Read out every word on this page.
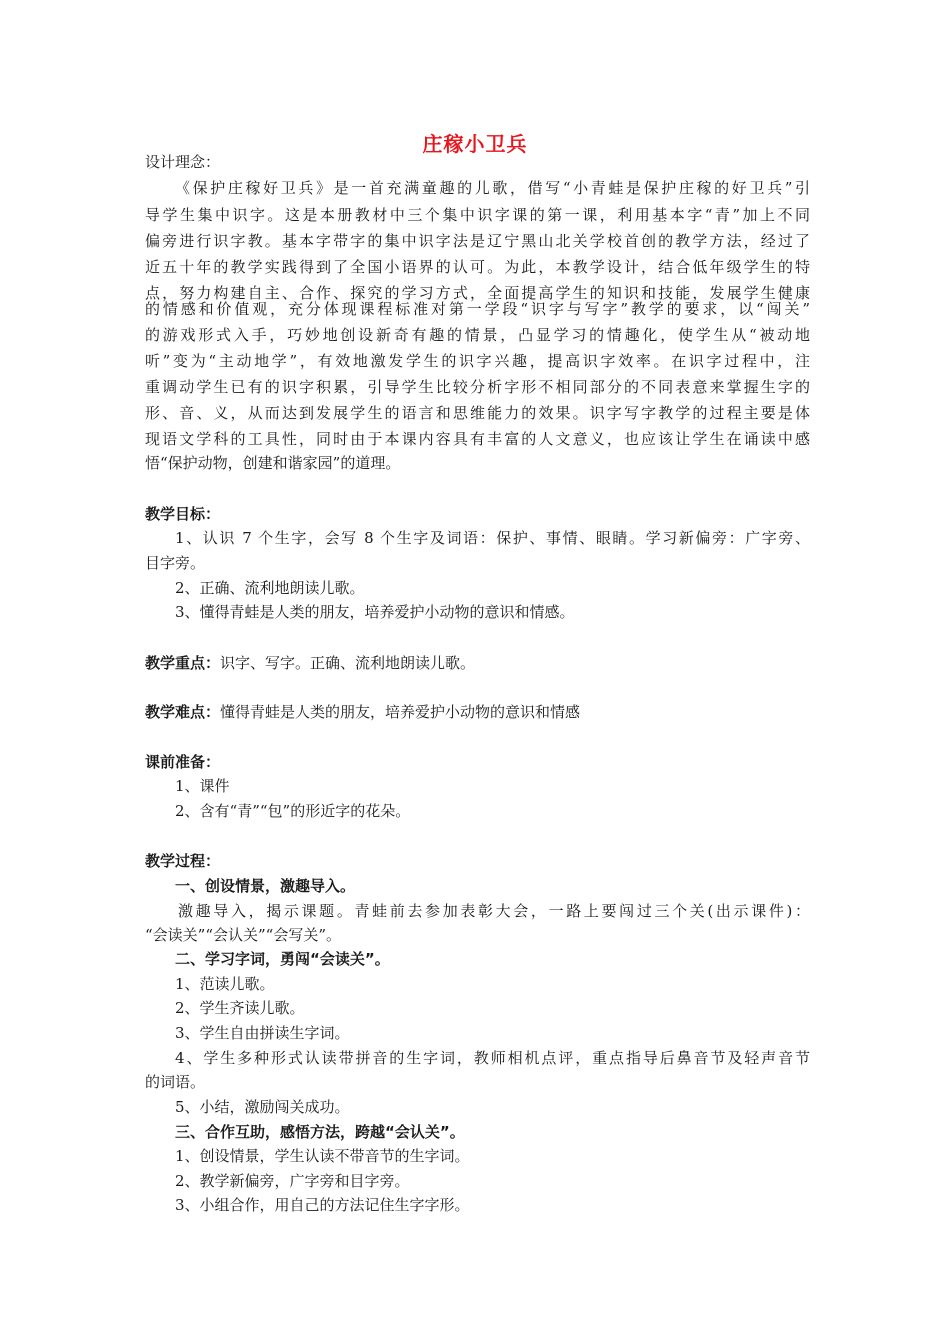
庄稼小卫兵
设计理念：
《保护庄稼好卫兵》是一首充满童趣的儿歌，借写“小青蛙是保护庄稼的好卫兵”引
导学生集中识字。这是本册教材中三个集中识字课的第一课，利用基本字“青”加上不同
偏旁进行识字教。基本字带字的集中识字法是辽宁黑山北关学校首创的教学方法，经过了
近五十年的教学实践得到了全国小语界的认可。为此，本教学设计，结合低年级学生的特
点，努力构建自主、合作、探究的学习方式，全面提高学生的知识和技能，发展学生健康
的情感和价值观，充分体现课程标准对第一学段“识字与写字”教学的要求，以“闯关”
的游戏形式入手，巧妙地创设新奇有趣的情景，凸显学习的情趣化，使学生从“被动地
听”变为“主动地学”，有效地激发学生的识字兴趣，提高识字效率。在识字过程中，注
重调动学生已有的识字积累，引导学生比较分析字形不相同部分的不同表意来掌握生字的
形、音、义，从而达到发展学生的语言和思维能力的效果。识字写字教学的过程主要是体
现语文学科的工具性，同时由于本课内容具有丰富的人文意义，也应该让学生在诵读中感
悟“保护动物，创建和谐家园”的道理。
教学目标：
1、认识 7 个生字，会写 8 个生字及词语：保护、事情、眼睛。学习新偏旁：广字旁、
目字旁。
2、正确、流利地朗读儿歌。
3、懂得青蛙是人类的朋友，培养爱护小动物的意识和情感。
教学重点：识字、写字。正确、流利地朗读儿歌。
教学难点：懂得青蛙是人类的朋友，培养爱护小动物的意识和情感
课前准备：
1、课件
2、含有“青”“包”的形近字的花朵。
教学过程：
一、创设情景，激趣导入。
激趣导入，揭示课题。青蛙前去参加表彰大会，一路上要闯过三个关(出示课件)：
“会读关”“会认关”“会写关”。
二、学习字词，勇闯“会读关”。
1、范读儿歌。
2、学生齐读儿歌。
3、学生自由拼读生字词。
4、学生多种形式认读带拼音的生字词，教师相机点评，重点指导后鼻音节及轻声音节
的词语。
5、小结，激励闯关成功。
三、合作互助，感悟方法，跨越“会认关”。
1、创设情景，学生认读不带音节的生字词。
2、教学新偏旁，广字旁和目字旁。
3、小组合作，用自己的方法记住生字字形。
